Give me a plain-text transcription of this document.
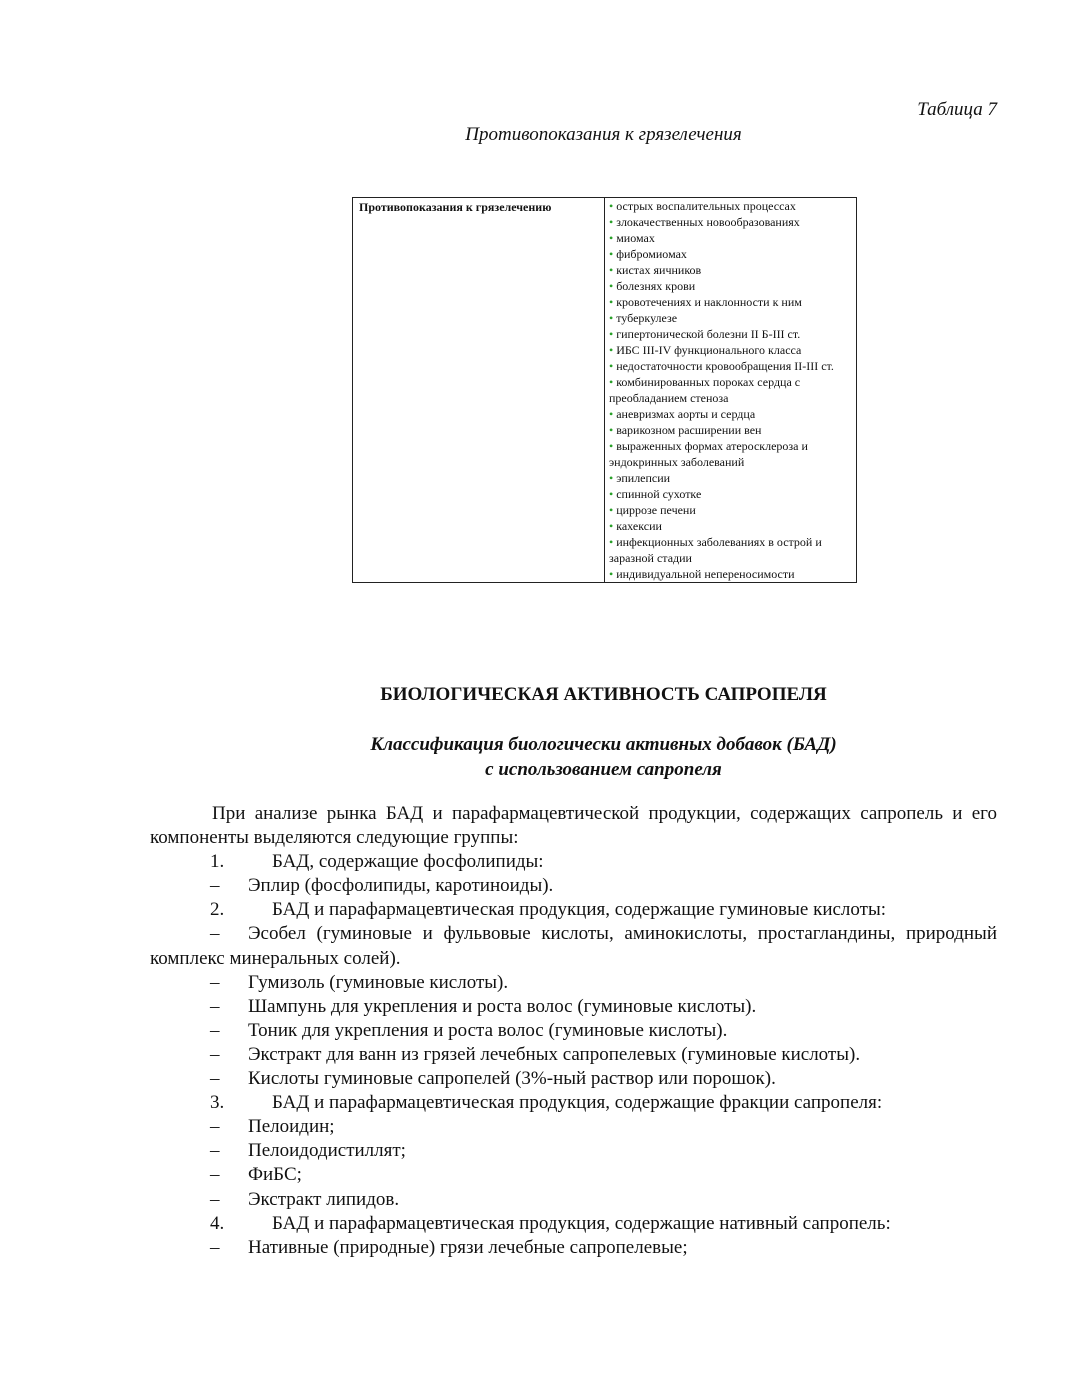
Таблица 7
Противопоказания к грязелечения
Противопоказания к грязелечению	• острых воспалительных процессах
• злокачественных новообразованиях
• миомах
• фибромиомах
• кистах яичников
• болезнях крови
• кровотечениях и наклонности к ним
• туберкулезе
• гипертонической болезни II Б-III ст.
• ИБС III-IV функционального класса
• недостаточности кровообращения II-III ст.
• комбинированных пороках сердца с преобладанием стеноза
• аневризмах аорты и сердца
• варикозном расширении вен
• выраженных формах атеросклероза и эндокринных заболеваний
• эпилепсии
• спинной сухотке
• циррозе печени
• кахексии
• инфекционных заболеваниях в острой и заразной стадии
• индивидуальной непереносимости
БИОЛОГИЧЕСКАЯ АКТИВНОСТЬ САПРОПЕЛЯ
Классификация биологически активных добавок (БАД)
с использованием сапропеля

При анализе рынка БАД и парафармацевтической продукции, содержащих сапропель и его компоненты выделяются следующие группы:

1.	БАД, содержащие фосфолипиды:

– Эплир (фосфолипиды, каротиноиды).

2.	БАД и парафармацевтическая продукция, содержащие гуминовые кислоты:

– Эсобел (гуминовые и фульвовые кислоты, аминокислоты, простагландины, природный комплекс минеральных солей).

– Гумизоль (гуминовые кислоты).

– Шампунь для укрепления и роста волос (гуминовые кислоты).

– Тоник для укрепления и роста волос (гуминовые кислоты).

– Экстракт для ванн из грязей лечебных сапропелевых (гуминовые кислоты).

– Кислоты гуминовые сапропелей (3%-ный раствор или порошок).

3.	БАД и парафармацевтическая продукция, содержащие фракции сапропеля:

– Пелоидин;

– Пелоидодистиллят;

– ФиБС;

– Экстракт липидов.

4.	БАД и парафармацевтическая продукция, содержащие нативный сапропель:

– Нативные (природные) грязи лечебные сапропелевые;
